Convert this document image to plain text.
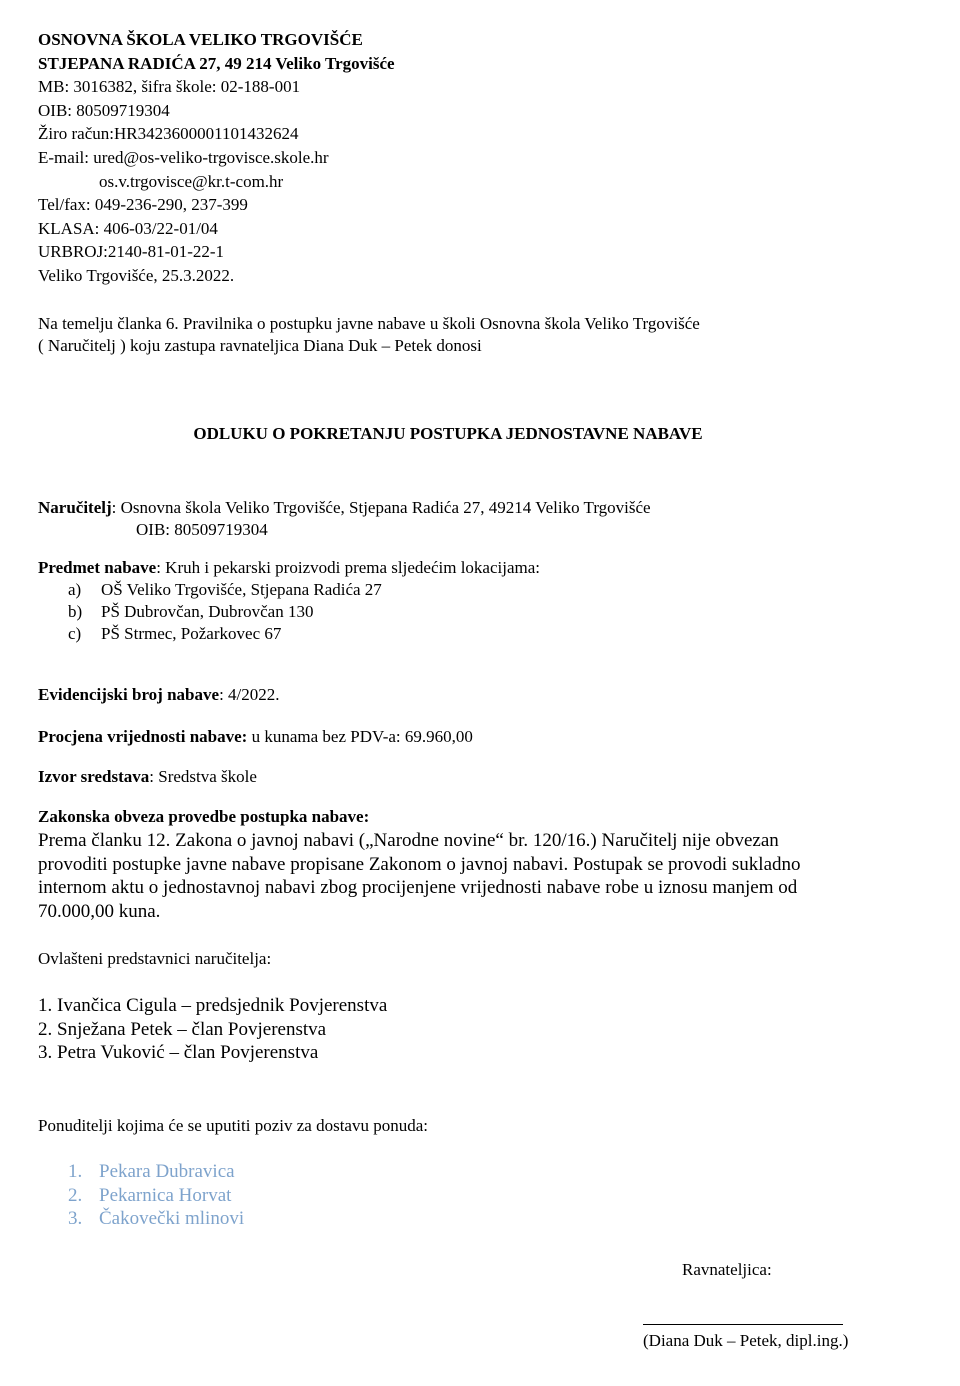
OSNOVNA ŠKOLA VELIKO TRGOVIŠĆE
STJEPANA RADIĆA 27, 49 214 Veliko Trgovišće
MB: 3016382, šifra škole: 02-188-001
OIB: 80509719304
Žiro račun:HR3423600001101432624
E-mail: ured@os-veliko-trgovisce.skole.hr
os.v.trgovisce@kr.t-com.hr
Tel/fax: 049-236-290, 237-399
KLASA: 406-03/22-01/04
URBROJ:2140-81-01-22-1
Veliko Trgovišće, 25.3.2022.
Na temelju članka 6. Pravilnika o postupku javne nabave u školi Osnovna škola Veliko Trgovišće
( Naručitelj ) koju zastupa ravnateljica Diana Duk – Petek donosi
ODLUKU O POKRETANJU POSTUPKA JEDNOSTAVNE NABAVE
Naručitelj: Osnovna škola Veliko Trgovišće, Stjepana Radića 27, 49214 Veliko Trgovišće
OIB: 80509719304
Predmet nabave: Kruh i pekarski proizvodi prema sljedećim lokacijama:
a)	OŠ Veliko Trgovišće, Stjepana Radića 27
b)	PŠ Dubrovčan, Dubrovčan 130
c)	PŠ Strmec, Požarkovec 67
Evidencijski broj nabave: 4/2022.
Procjena vrijednosti nabave: u kunama bez PDV-a: 69.960,00
Izvor sredstava: Sredstva škole
Zakonska obveza provedbe postupka nabave:
Prema članku 12. Zakona o javnoj nabavi („Narodne novine“ br. 120/16.) Naručitelj nije obvezan
provoditi postupke javne nabave propisane Zakonom o javnoj nabavi. Postupak se provodi sukladno
internom aktu o jednostavnoj nabavi zbog procijenjene vrijednosti nabave robe u iznosu manjem od
70.000,00 kuna.
Ovlašteni predstavnici naručitelja:
1. Ivančica Cigula – predsjednik Povjerenstva
2. Snježana Petek – član Povjerenstva
3. Petra Vuković – član Povjerenstva
Ponuditelji kojima će se uputiti poziv za dostavu ponuda:
1. Pekara Dubravica
2. Pekarnica Horvat
3. Čakovečki mlinovi
Ravnateljica:
(Diana Duk – Petek, dipl.ing.)
